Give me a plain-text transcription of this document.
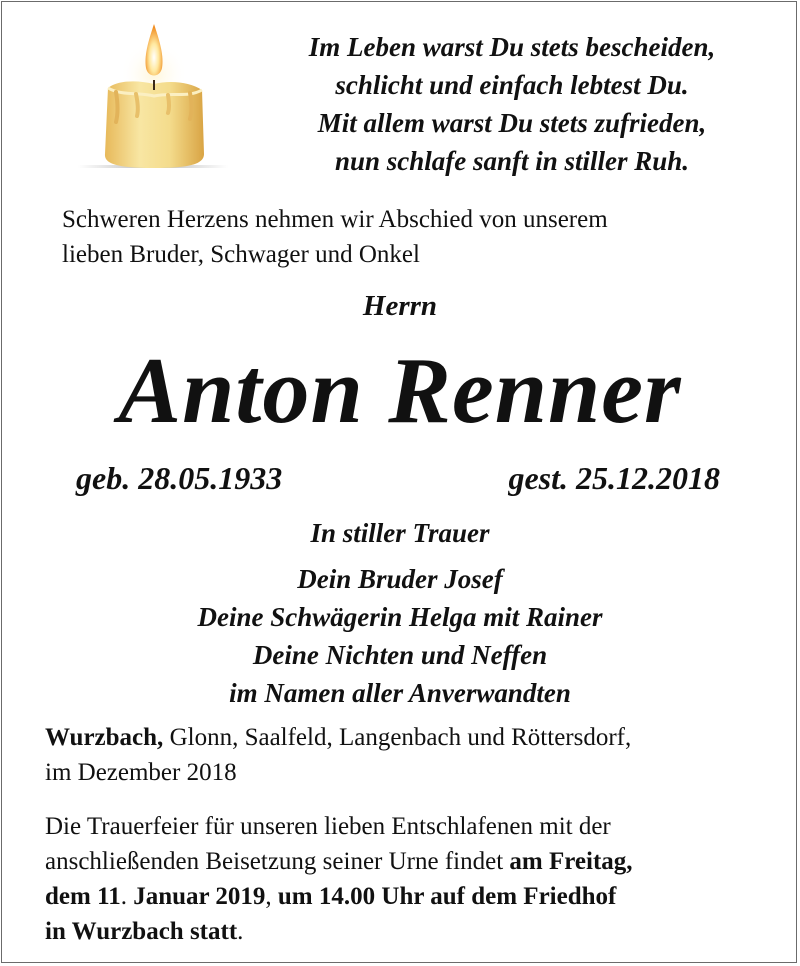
Im Leben warst Du stets bescheiden,
schlicht und einfach lebtest Du.
Mit allem warst Du stets zufrieden,
nun schlafe sanft in stiller Ruh.
Schweren Herzens nehmen wir Abschied von unserem
lieben Bruder, Schwager und Onkel
Herrn
Anton Renner
geb. 28.05.1933	gest. 25.12.2018
In stiller Trauer
Dein Bruder Josef
Deine Schwägerin Helga mit Rainer
Deine Nichten und Neffen
im Namen aller Anverwandten
Wurzbach, Glonn, Saalfeld, Langenbach und Röttersdorf,
im Dezember 2018
Die Trauerfeier für unseren lieben Entschlafenen mit der
anschließenden Beisetzung seiner Urne findet am Freitag,
dem 11. Januar 2019, um 14.00 Uhr auf dem Friedhof
in Wurzbach statt.
